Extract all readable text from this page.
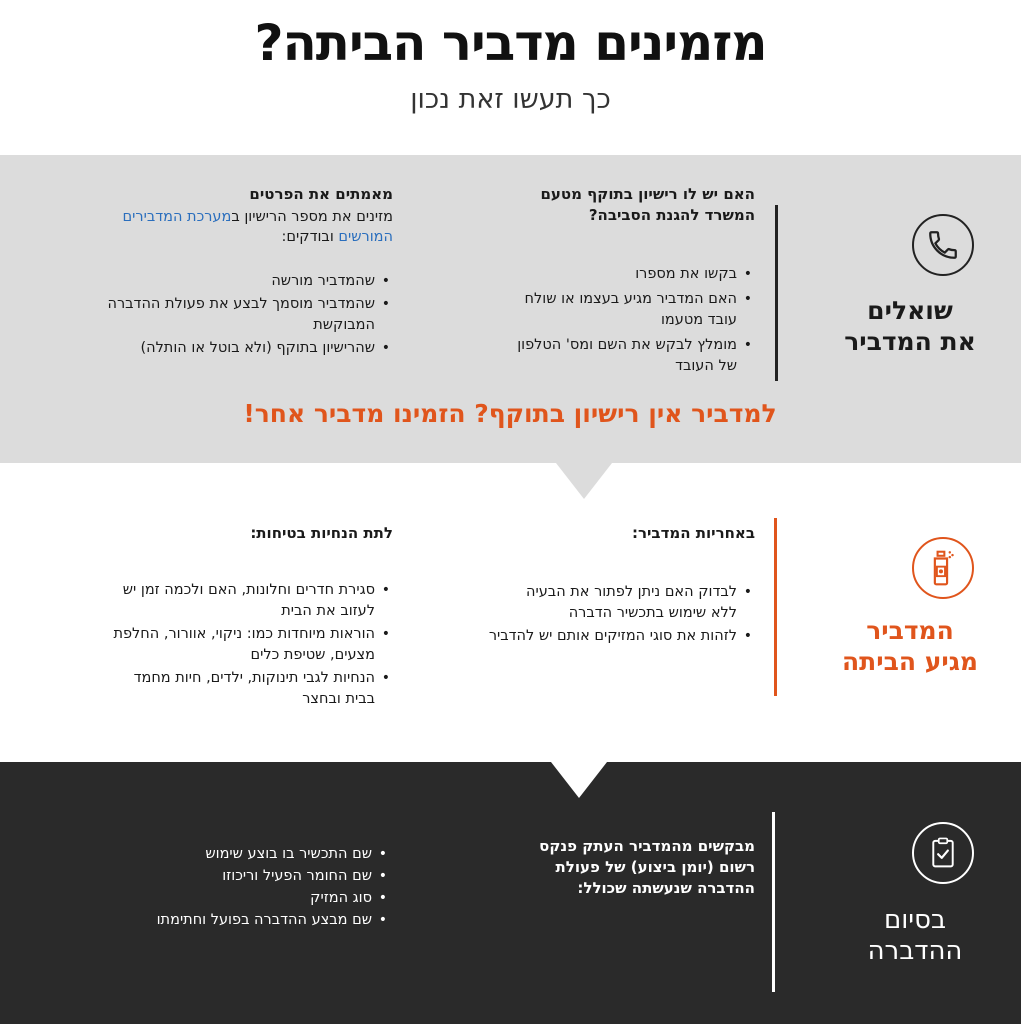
מזמינים מדביר הביתה?
כך תעשו זאת נכון
שואלים
את המדביר
האם יש לו רישיון בתוקף מטעם
המשרד להגנת הסביבה?
• בקשו את מספרו
• האם המדביר מגיע בעצמו או שולח
עובד מטעמו
• מומלץ לבקש את השם ומס' הטלפון
של העובד
מאמתים את הפרטים
מזינים את מספר הרישיון במערכת המדבירים
המורשים ובודקים:
• שהמדביר מורשה
• שהמדביר מוסמך לבצע את פעולת ההדברה
המבוקשת
• שהרישיון בתוקף (ולא בוטל או הותלה)
למדביר אין רישיון בתוקף? הזמינו מדביר אחר!
המדביר
מגיע הביתה
באחריות המדביר:
• לבדוק האם ניתן לפתור את הבעיה
ללא שימוש בתכשיר הדברה
• לזהות את סוגי המזיקים אותם יש להדביר
לתת הנחיות בטיחות:
• סגירת חדרים וחלונות, האם ולכמה זמן יש
לעזוב את הבית
• הוראות מיוחדות כמו: ניקוי, אוורור, החלפת
מצעים, שטיפת כלים
• הנחיות לגבי תינוקות, ילדים, חיות מחמד
בבית ובחצר
בסיום
ההדברה
מבקשים מהמדביר העתק פנקס
רשום (יומן ביצוע) של פעולת
ההדברה שנעשתה שכולל:
• שם התכשיר בו בוצע שימוש
• שם החומר הפעיל וריכוזו
• סוג המזיק
• שם מבצע ההדברה בפועל וחתימתו
